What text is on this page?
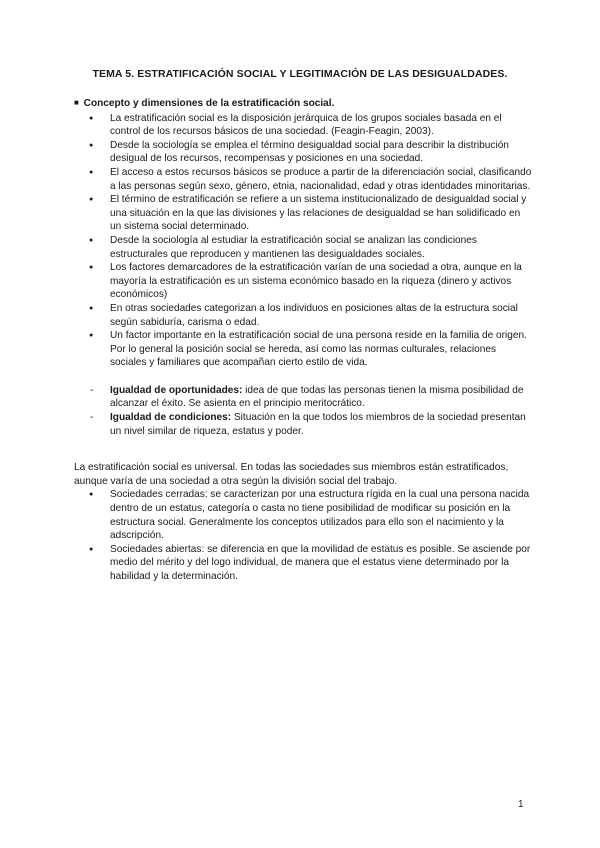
TEMA 5. ESTRATIFICACIÓN SOCIAL Y LEGITIMACIÓN DE LAS DESIGUALDADES.
■ Concepto y dimensiones de la estratificación social.
● La estratificación social es la disposición jerárquica de los grupos sociales basada en el control de los recursos básicos de una sociedad. (Feagin-Feagin, 2003).
● Desde la sociología se emplea el término desigualdad social para describir la distribución desigual de los recursos, recompensas y posiciones en una sociedad.
● El acceso a estos recursos básicos se produce a partir de la diferenciación social, clasificando a las personas según sexo, género, etnia, nacionalidad, edad y otras identidades minoritarias.
● El término de estratificación se refiere a un sistema institucionalizado de desigualdad social y una situación en la que las divisiones y las relaciones de desigualdad se han solidificado en un sistema social determinado.
● Desde la sociología al estudiar la estratificación social se analizan las condiciones estructurales que reproducen y mantienen las desigualdades sociales.
● Los factores demarcadores de la estratificación varían de una sociedad a otra, aunque en la mayoría la estratificación es un sistema económico basado en la riqueza (dinero y activos económicos)
● En otras sociedades categorizan a los individuos en posiciones altas de la estructura social según sabiduría, carisma o edad.
● Un factor importante en la estratificación social de una persona reside en la familia de origen. Por lo general la posición social se hereda, así como las normas culturales, relaciones sociales y familiares que acompañan cierto estilo de vida.
- Igualdad de oportunidades: idea de que todas las personas tienen la misma posibilidad de alcanzar el éxito. Se asienta en el principio meritocrático.
- Igualdad de condiciones: Situación en la que todos los miembros de la sociedad presentan un nivel similar de riqueza, estatus y poder.

La estratificación social es universal. En todas las sociedades sus miembros están estratificados, aunque varía de una sociedad a otra según la división social del trabajo.

● Sociedades cerradas: se caracterizan por una estructura rígida en la cual una persona nacida dentro de un estatus, categoría o casta no tiene posibilidad de modificar su posición en la estructura social. Generalmente los conceptos utilizados para ello son el nacimiento y la adscripción.
● Sociedades abiertas: se diferencia en que la movilidad de estatus es posible. Se asciende por medio del mérito y del logo individual, de manera que el estatus viene determinado por la habilidad y la determinación.
1
